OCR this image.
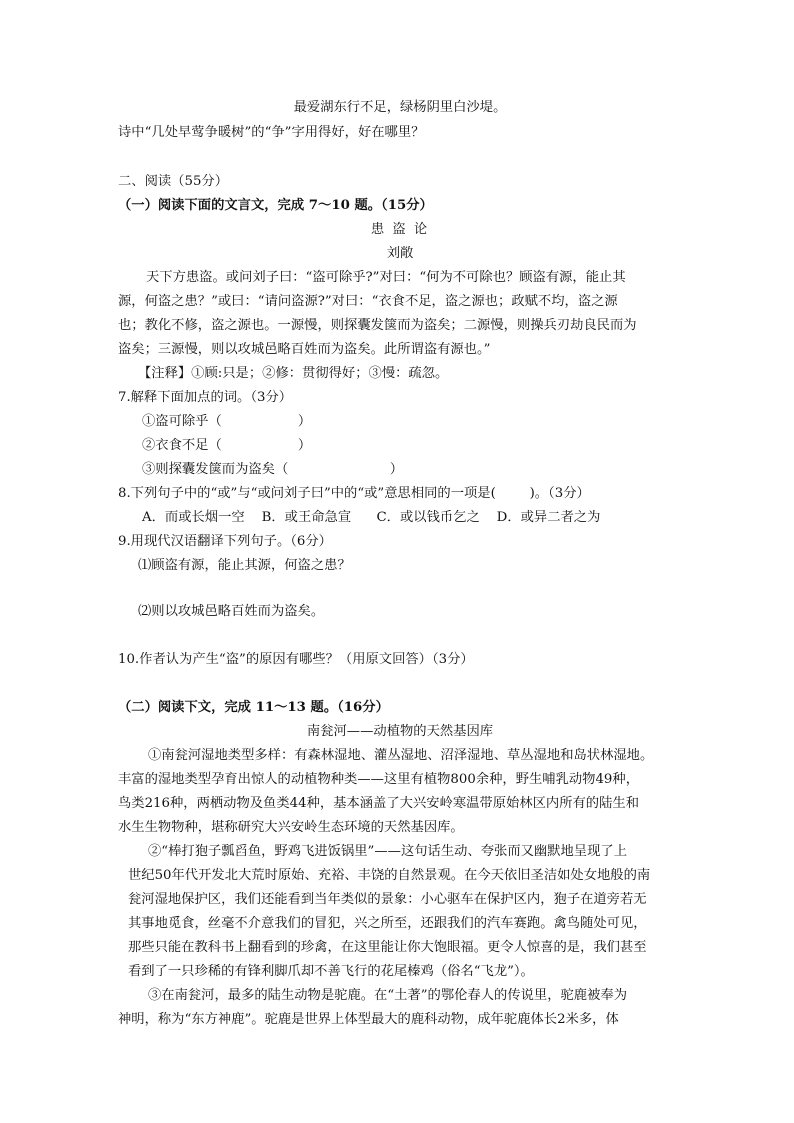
最爱湖东行不足，绿杨阴里白沙堤。
诗中“几处早莺争暖树”的“争”字用得好，好在哪里？
二、阅读（55分）
（一）阅读下面的文言文，完成 7～10 题。（15分）
患 盗 论
刘敞
天下方患盗。或问刘子曰：“盗可除乎?”对曰：“何为不可除也？顾盗有源，能止其
源，何盗之患？”或曰：“请问盗源?”对曰：“衣食不足，盗之源也；政赋不均，盗之源
也；教化不修，盗之源也。一源慢，则探囊发箧而为盗矣；二源慢，则操兵刃劫良民而为
盗矣；三源慢，则以攻城邑略百姓而为盗矣。此所谓盗有源也。”
【注释】①顾:只是；②修：贯彻得好；③慢：疏忽。
7.解释下面加点的词。（3分）
①盗可除乎（                  ）
②衣食不足（                  ）
③则探囊发箧而为盗矣（                        ）
8.下列句子中的“或”与“或问刘子曰”中的“或”意思相同的一项是(        )。（3分）
A．而或长烟一空    B．或王命急宣      C．或以钱币乞之    D．或异二者之为
9.用现代汉语翻译下列句子。（6分）
⑴顾盗有源，能止其源，何盗之患？
⑵则以攻城邑略百姓而为盗矣。
10.作者认为产生“盗”的原因有哪些？（用原文回答）（3分）
（二）阅读下文，完成 11～13 题。（16分）
南瓮河——动植物的天然基因库
①南瓮河湿地类型多样：有森林湿地、灌丛湿地、沼泽湿地、草丛湿地和岛状林湿地。
丰富的湿地类型孕育出惊人的动植物种类——这里有植物800余种，野生哺乳动物49种，
鸟类216种，两栖动物及鱼类44种，基本涵盖了大兴安岭寒温带原始林区内所有的陆生和
水生生物物种，堪称研究大兴安岭生态环境的天然基因库。
②“棒打狍子瓢舀鱼，野鸡飞进饭锅里”——这句话生动、夸张而又幽默地呈现了上
世纪50年代开发北大荒时原始、充裕、丰饶的自然景观。在今天依旧圣洁如处女地般的南
瓮河湿地保护区，我们还能看到当年类似的景象：小心驱车在保护区内，狍子在道旁若无
其事地觅食，丝毫不介意我们的冒犯，兴之所至，还跟我们的汽车赛跑。禽鸟随处可见，
那些只能在教科书上翻看到的珍禽，在这里能让你大饱眼福。更令人惊喜的是，我们甚至
看到了一只珍稀的有锋利脚爪却不善飞行的花尾榛鸡（俗名“飞龙”）。
③在南瓮河，最多的陆生动物是驼鹿。在“土著”的鄂伦春人的传说里，驼鹿被奉为
神明，称为“东方神鹿”。驼鹿是世界上体型最大的鹿科动物，成年驼鹿体长2米多，体
